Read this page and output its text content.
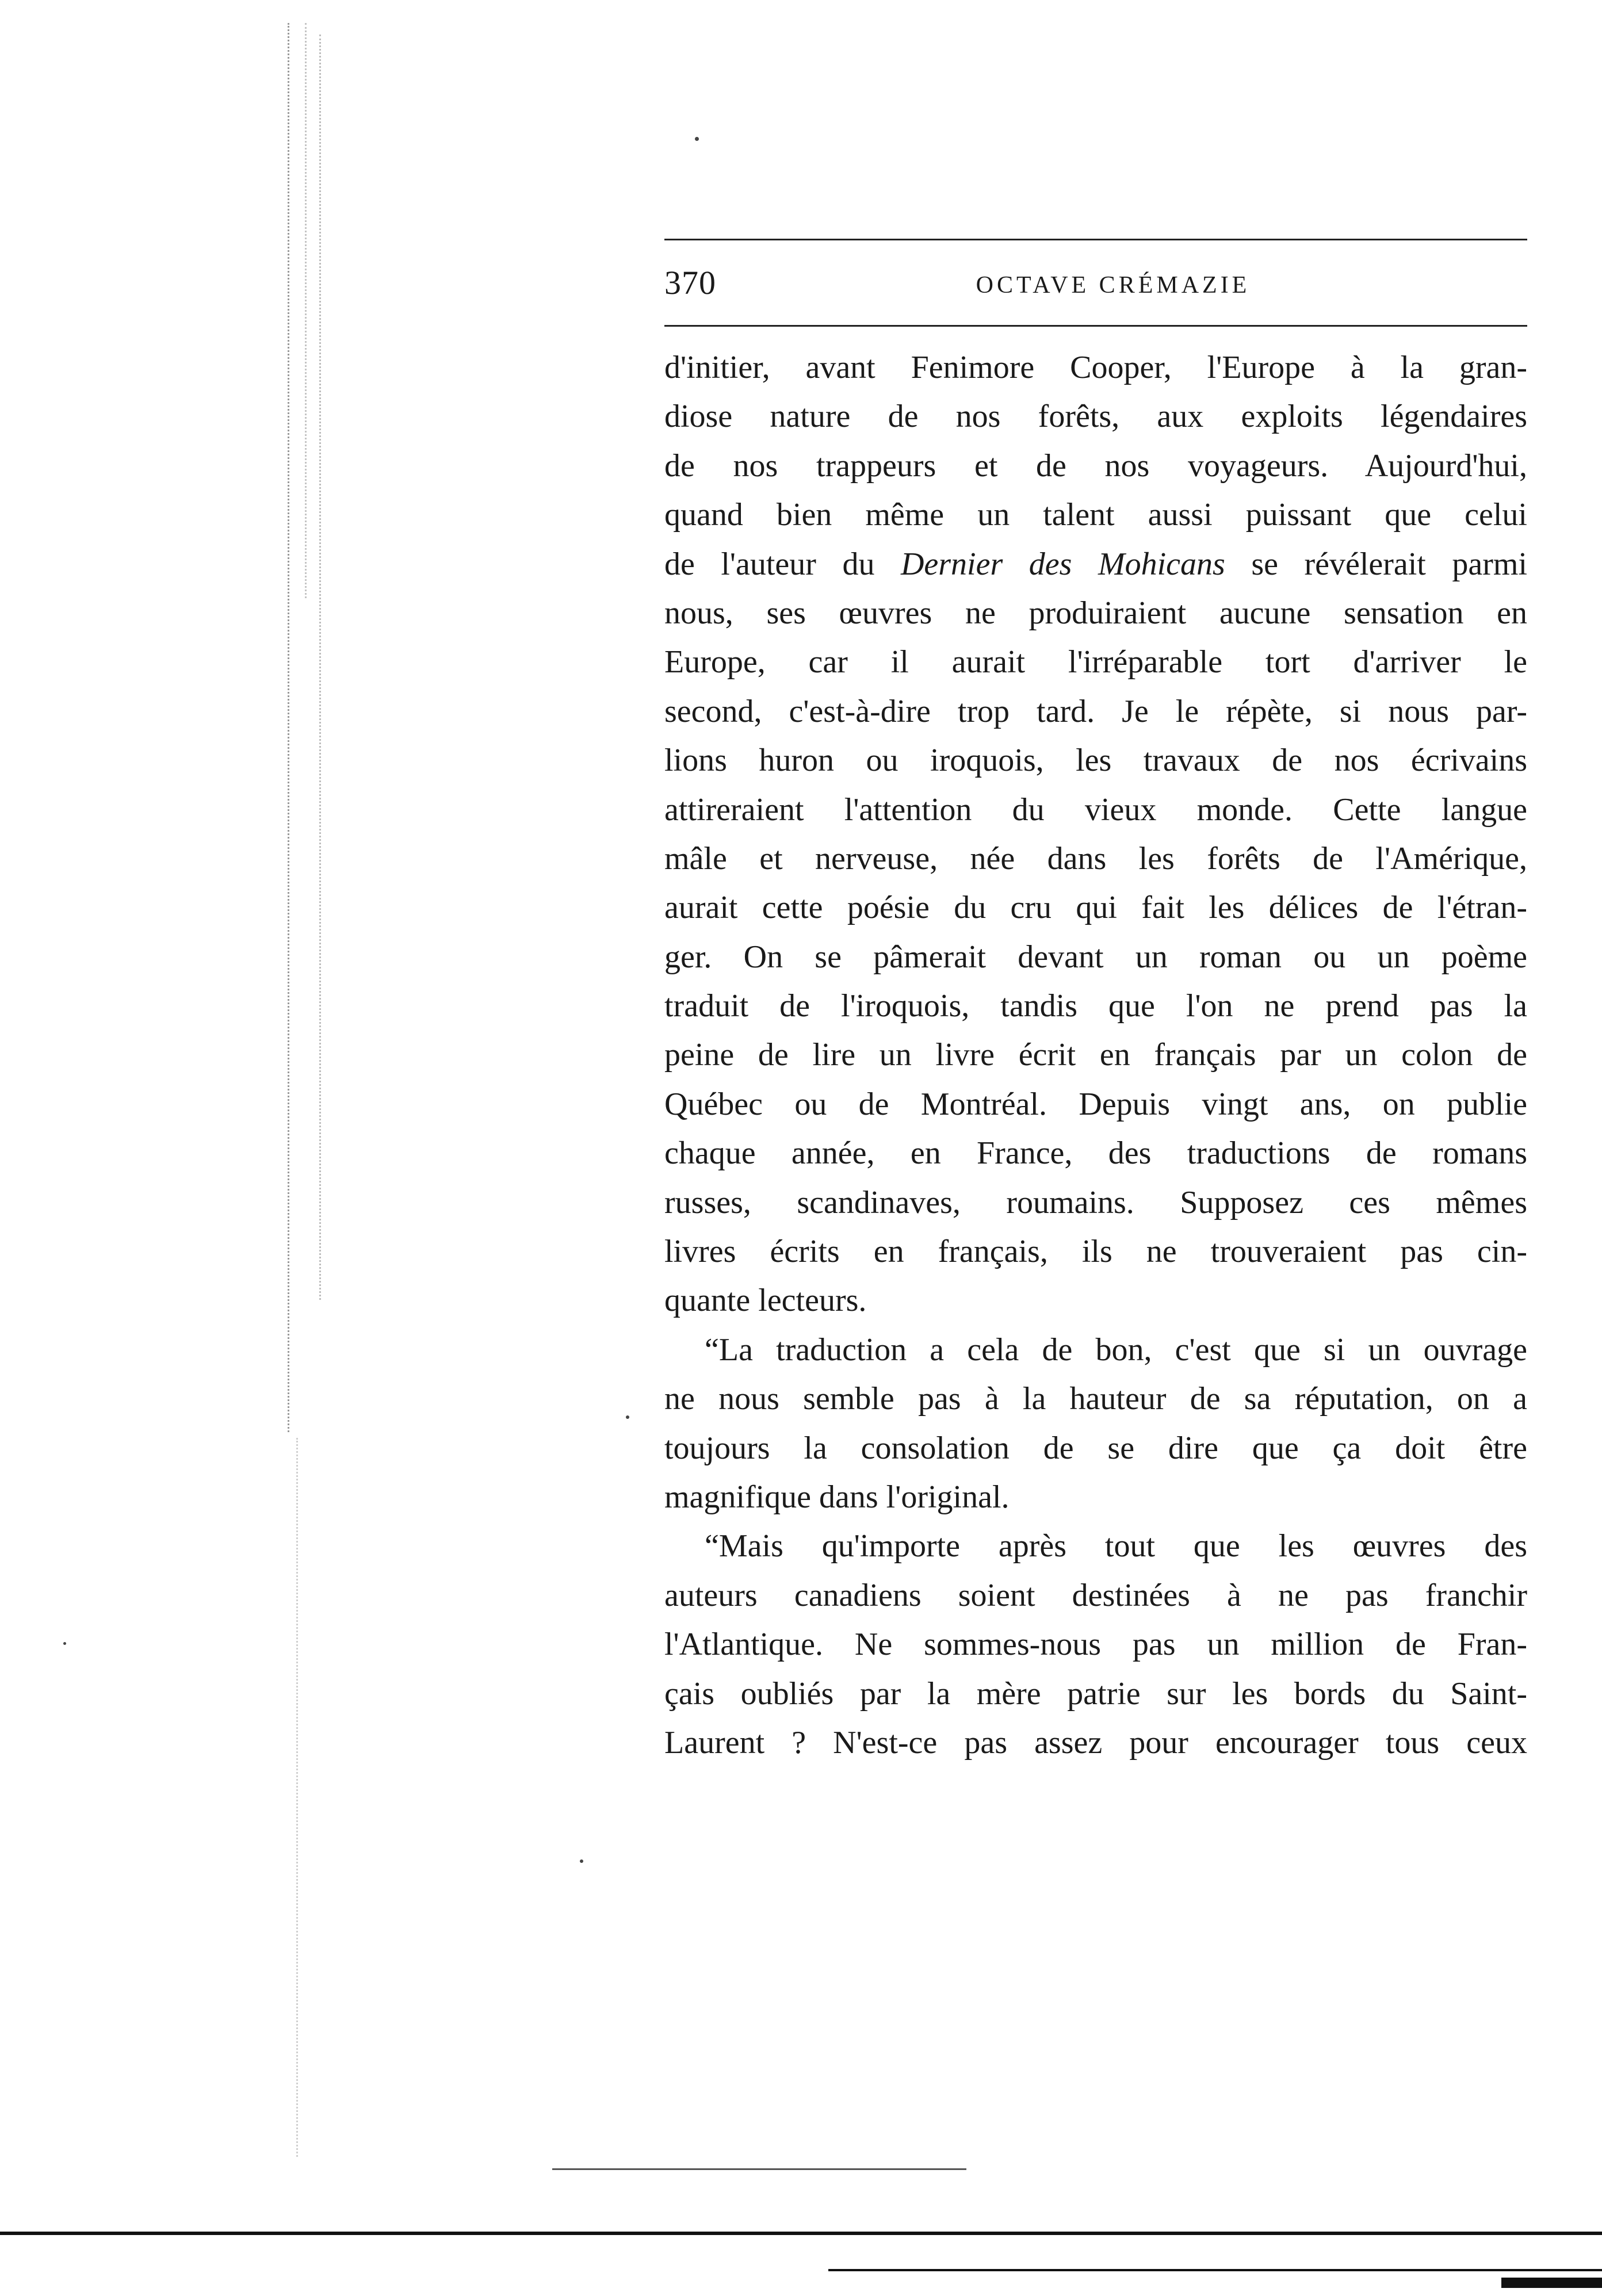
370	OCTAVE CRÉMAZIE
d'initier, avant Fenimore Cooper, l'Europe à la gran-
diose nature de nos forêts, aux exploits légendaires
de nos trappeurs et de nos voyageurs. Aujourd'hui,
quand bien même un talent aussi puissant que celui
de l'auteur du Dernier des Mohicans se révélerait parmi
nous, ses œuvres ne produiraient aucune sensation en
Europe, car il aurait l'irréparable tort d'arriver le
second, c'est-à-dire trop tard. Je le répète, si nous par-
lions huron ou iroquois, les travaux de nos écrivains
attireraient l'attention du vieux monde. Cette langue
mâle et nerveuse, née dans les forêts de l'Amérique,
aurait cette poésie du cru qui fait les délices de l'étran-
ger. On se pâmerait devant un roman ou un poème
traduit de l'iroquois, tandis que l'on ne prend pas la
peine de lire un livre écrit en français par un colon de
Québec ou de Montréal. Depuis vingt ans, on publie
chaque année, en France, des traductions de romans
russes, scandinaves, roumains. Supposez ces mêmes
livres écrits en français, ils ne trouveraient pas cin-
quante lecteurs.
“La traduction a cela de bon, c'est que si un ouvrage
ne nous semble pas à la hauteur de sa réputation, on a
toujours la consolation de se dire que ça doit être
magnifique dans l'original.
“Mais qu'importe après tout que les œuvres des
auteurs canadiens soient destinées à ne pas franchir
l'Atlantique. Ne sommes-nous pas un million de Fran-
çais oubliés par la mère patrie sur les bords du Saint-
Laurent ? N'est-ce pas assez pour encourager tous ceux
